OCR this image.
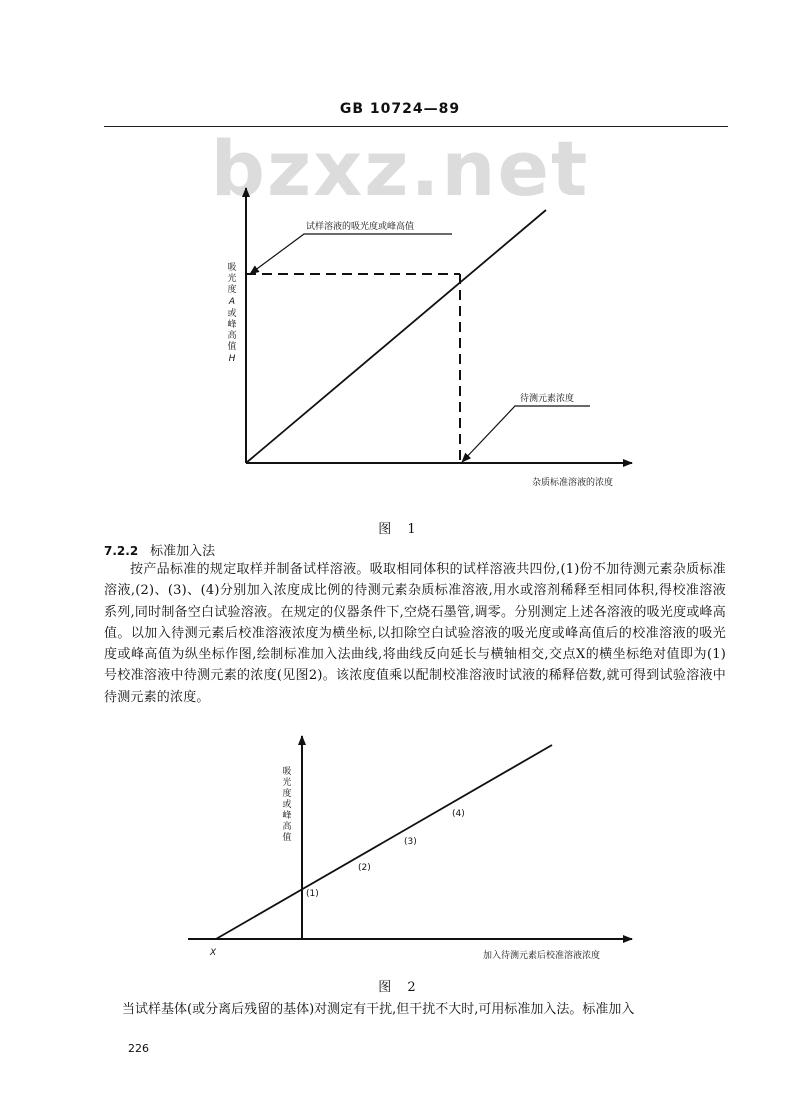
GB 10724—89
bzxz.net
试样溶液的吸光度或峰高值
待测元素浓度
杂质标准溶液的浓度
吸
光
度
A
或
峰
高
值
H
图 1
7.2.2 标准加入法
按产品标准的规定取样并制备试样溶液。吸取相同体积的试样溶液共四份,(1)份不加待测元素杂质标准溶液,(2)、(3)、(4)分别加入浓度成比例的待测元素杂质标准溶液,用水或溶剂稀释至相同体积,得校准溶液系列,同时制备空白试验溶液。在规定的仪器条件下,空烧石墨管,调零。分别测定上述各溶液的吸光度或峰高值。以加入待测元素后校准溶液浓度为横坐标,以扣除空白试验溶液的吸光度或峰高值后的校准溶液的吸光度或峰高值为纵坐标作图,绘制标准加入法曲线,将曲线反向延长与横轴相交,交点X的横坐标绝对值即为(1)号校准溶液中待测元素的浓度(见图2)。该浓度值乘以配制校准溶液时试液的稀释倍数,就可得到试验溶液中待测元素的浓度。
(1)
(2)
(3)
(4)
X	加入待测元素后校准溶液浓度
吸
光
度
或
峰
高
值
图 2
当试样基体(或分离后残留的基体)对测定有干扰,但干扰不大时,可用标准加入法。标准加入
226
